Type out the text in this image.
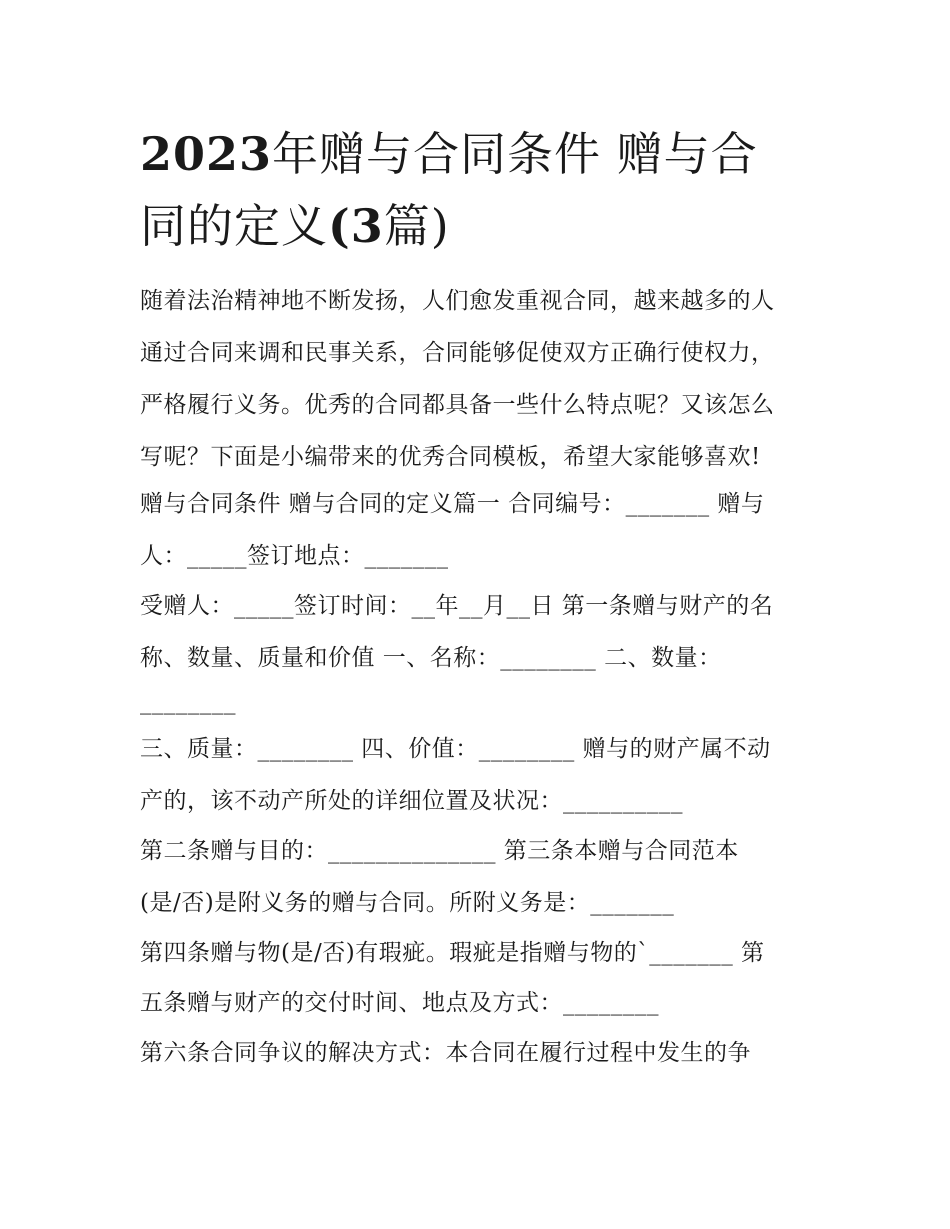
2023年赠与合同条件 赠与合
同的定义(3篇)
随着法治精神地不断发扬，人们愈发重视合同，越来越多的人
通过合同来调和民事关系，合同能够促使双方正确行使权力，
严格履行义务。优秀的合同都具备一些什么特点呢？又该怎么
写呢？下面是小编带来的优秀合同模板，希望大家能够喜欢!
赠与合同条件 赠与合同的定义篇一 合同编号：_______ 赠与
人：_____签订地点：_______
受赠人：_____签订时间：__年__月__日 第一条赠与财产的名
称、数量、质量和价值 一、名称：________ 二、数量：
________
三、质量：________ 四、价值：________ 赠与的财产属不动
产的，该不动产所处的详细位置及状况：__________
第二条赠与目的：______________ 第三条本赠与合同范本
(是/否)是附义务的赠与合同。所附义务是：_______
第四条赠与物(是/否)有瑕疵。瑕疵是指赠与物的`_______ 第
五条赠与财产的交付时间、地点及方式：________
第六条合同争议的解决方式：本合同在履行过程中发生的争
